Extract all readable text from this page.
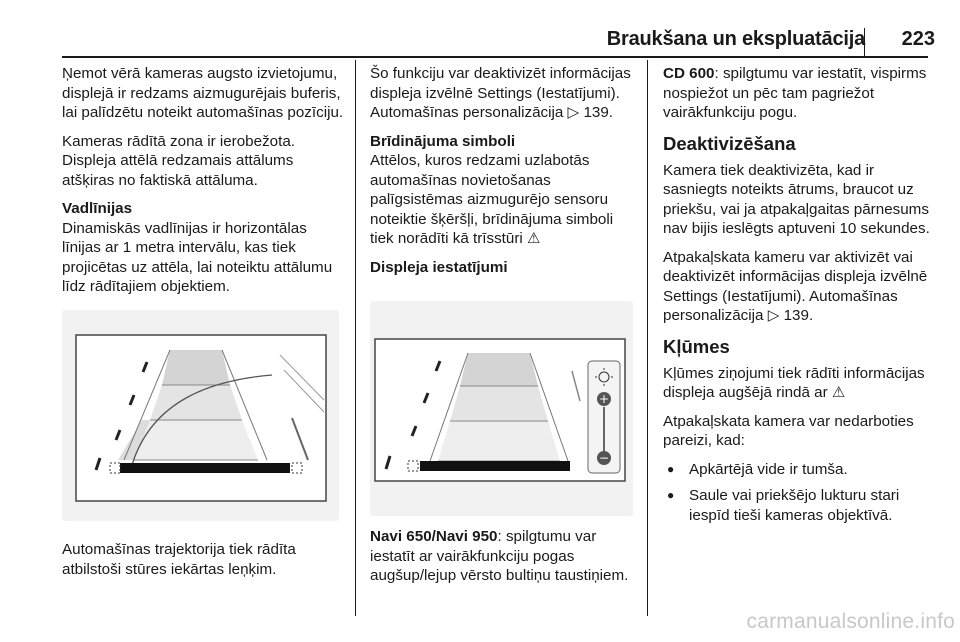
Braukšana un ekspluatācija	223

Ņemot vērā kameras augsto izvietojumu, displejā ir redzams aizmugurējais buferis, lai palīdzētu noteikt automašīnas pozīciju.

Kameras rādītā zona ir ierobežota. Displeja attēlā redzamais attālums atšķiras no faktiskā attāluma.

Vadlīnijas

Dinamiskās vadlīnijas ir horizontālas līnijas ar 1 metra intervālu, kas tiek projicētas uz attēla, lai noteiktu attālumu līdz rādītajiem objektiem.

Automašīnas trajektorija tiek rādīta atbilstoši stūres iekārtas leņķim.

Šo funkciju var deaktivizēt informācijas displeja izvēlnē Settings (Iestatījumi). Automašīnas personalizācija ▷ 139.

Brīdinājuma simboli

Attēlos, kuros redzami uzlabotās automašīnas novietošanas palīgsistēmas aizmugurējo sensoru noteiktie šķēršļi, brīdinājuma simboli tiek norādīti kā trīsstūri ⚠

Displeja iestatījumi
+
−

Navi 650/Navi 950: spilgtumu var iestatīt ar vairākfunkciju pogas augšup/lejup vērsto bultiņu taustiņiem.

CD 600: spilgtumu var iestatīt, vispirms nospiežot un pēc tam pagriežot vairākfunkciju pogu.

Deaktivizēšana

Kamera tiek deaktivizēta, kad ir sasniegts noteikts ātrums, braucot uz priekšu, vai ja atpakaļgaitas pārnesums nav bijis ieslēgts aptuveni 10 sekundes.

Atpakaļskata kameru var aktivizēt vai deaktivizēt informācijas displeja izvēlnē Settings (Iestatījumi). Automašīnas personalizācija ▷ 139.

Kļūmes

Kļūmes ziņojumi tiek rādīti informācijas displeja augšējā rindā ar ⚠

Atpakaļskata kamera var nedarboties pareizi, kad:

● Apkārtējā vide ir tumša.
● Saule vai priekšējo lukturu stari iespīd tieši kameras objektīvā.
carmanualsonline.info
